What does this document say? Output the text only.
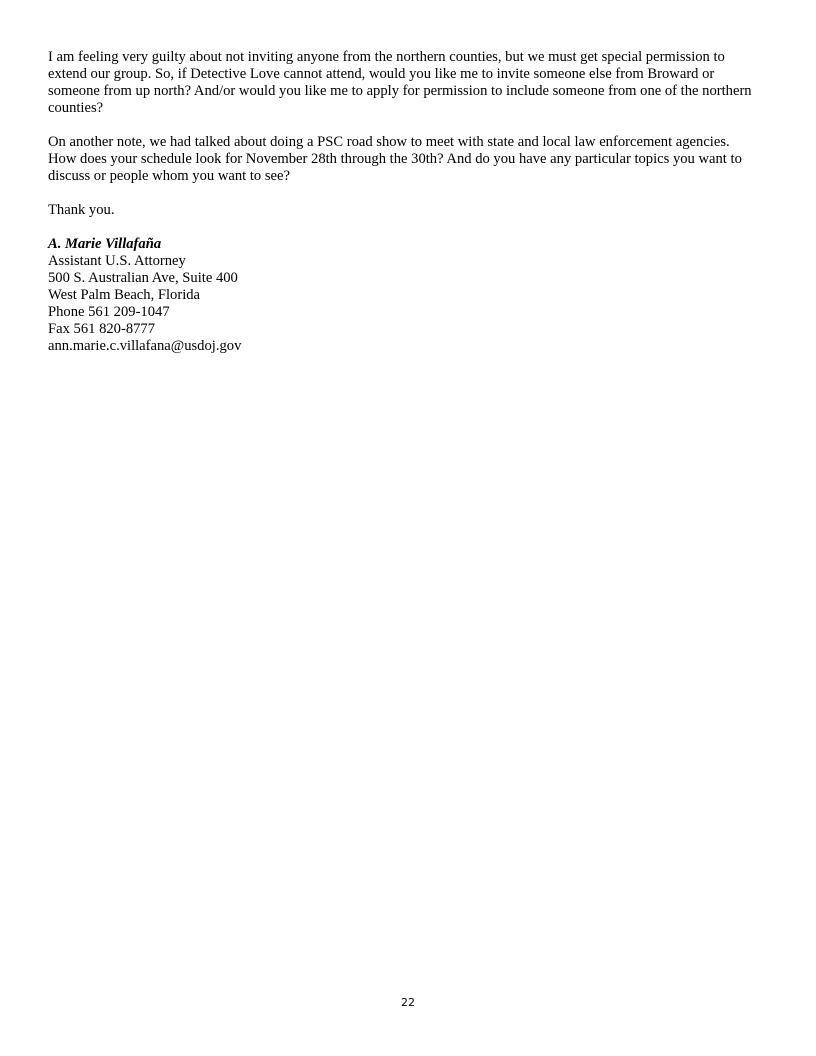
I am feeling very guilty about not inviting anyone from the northern counties, but we must get special permission to
extend our group. So, if Detective Love cannot attend, would you like me to invite someone else from Broward or
someone from up north? And/or would you like me to apply for permission to include someone from one of the northern
counties?

On another note, we had talked about doing a PSC road show to meet with state and local law enforcement agencies.
How does your schedule look for November 28th through the 30th? And do you have any particular topics you want to
discuss or people whom you want to see?

Thank you.

A. Marie Villafaña
Assistant U.S. Attorney
500 S. Australian Ave, Suite 400
West Palm Beach, Florida
Phone 561 209-1047
Fax 561 820-8777
ann.marie.c.villafana@usdoj.gov
22
